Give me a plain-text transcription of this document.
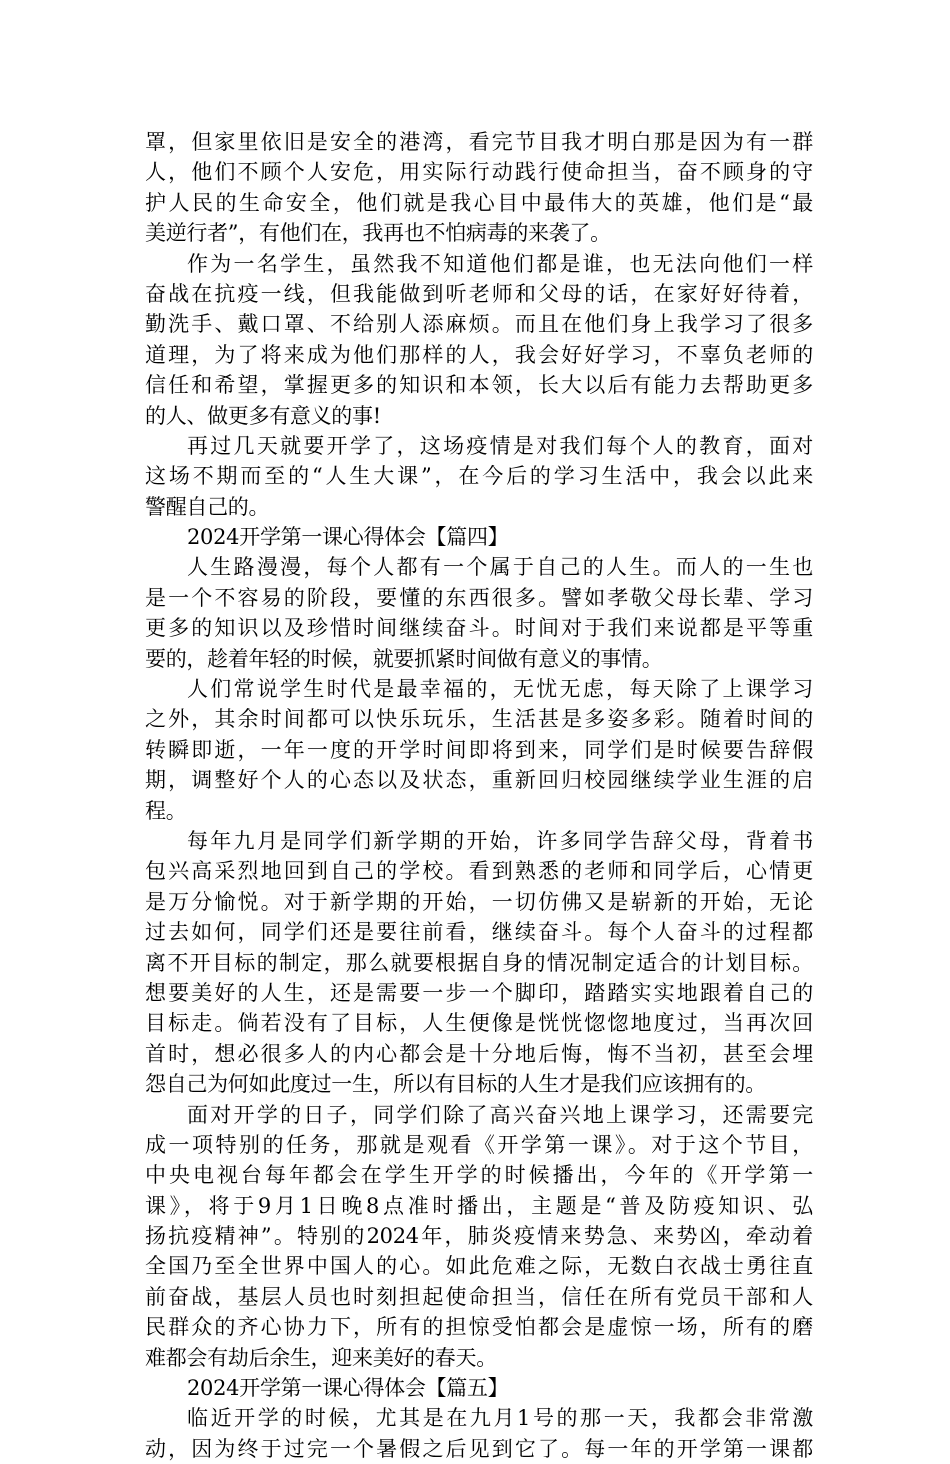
罩，但家里依旧是安全的港湾，看完节目我才明白那是因为有一群
人，他们不顾个人安危，用实际行动践行使命担当，奋不顾身的守
护人民的生命安全，他们就是我心目中最伟大的英雄，他们是“最
美逆行者”，有他们在，我再也不怕病毒的来袭了。
作为一名学生，虽然我不知道他们都是谁，也无法向他们一样
奋战在抗疫一线，但我能做到听老师和父母的话，在家好好待着，
勤洗手、戴口罩、不给别人添麻烦。而且在他们身上我学习了很多
道理，为了将来成为他们那样的人，我会好好学习，不辜负老师的
信任和希望，掌握更多的知识和本领，长大以后有能力去帮助更多
的人、做更多有意义的事!
再过几天就要开学了，这场疫情是对我们每个人的教育，面对
这场不期而至的“人生大课”，在今后的学习生活中，我会以此来
警醒自己的。
2024开学第一课心得体会【篇四】
人生路漫漫，每个人都有一个属于自己的人生。而人的一生也
是一个不容易的阶段，要懂的东西很多。譬如孝敬父母长辈、学习
更多的知识以及珍惜时间继续奋斗。时间对于我们来说都是平等重
要的，趁着年轻的时候，就要抓紧时间做有意义的事情。
人们常说学生时代是最幸福的，无忧无虑，每天除了上课学习
之外，其余时间都可以快乐玩乐，生活甚是多姿多彩。随着时间的
转瞬即逝，一年一度的开学时间即将到来，同学们是时候要告辞假
期，调整好个人的心态以及状态，重新回归校园继续学业生涯的启
程。
每年九月是同学们新学期的开始，许多同学告辞父母，背着书
包兴高采烈地回到自己的学校。看到熟悉的老师和同学后，心情更
是万分愉悦。对于新学期的开始，一切仿佛又是崭新的开始，无论
过去如何，同学们还是要往前看，继续奋斗。每个人奋斗的过程都
离不开目标的制定，那么就要根据自身的情况制定适合的计划目标。
想要美好的人生，还是需要一步一个脚印，踏踏实实地跟着自己的
目标走。倘若没有了目标，人生便像是恍恍惚惚地度过，当再次回
首时，想必很多人的内心都会是十分地后悔，悔不当初，甚至会埋
怨自己为何如此度过一生，所以有目标的人生才是我们应该拥有的。
面对开学的日子，同学们除了高兴奋兴地上课学习，还需要完
成一项特别的任务，那就是观看《开学第一课》。对于这个节目，
中央电视台每年都会在学生开学的时候播出，今年的《开学第一
课》，将于9月1日晚8点准时播出，主题是“普及防疫知识、弘
扬抗疫精神”。特别的2024年，肺炎疫情来势急、来势凶，牵动着
全国乃至全世界中国人的心。如此危难之际，无数白衣战士勇往直
前奋战，基层人员也时刻担起使命担当，信任在所有党员干部和人
民群众的齐心协力下，所有的担惊受怕都会是虚惊一场，所有的磨
难都会有劫后余生，迎来美好的春天。
2024开学第一课心得体会【篇五】
临近开学的时候，尤其是在九月1号的那一天，我都会非常激
动，因为终于过完一个暑假之后见到它了。每一年的开学第一课都
